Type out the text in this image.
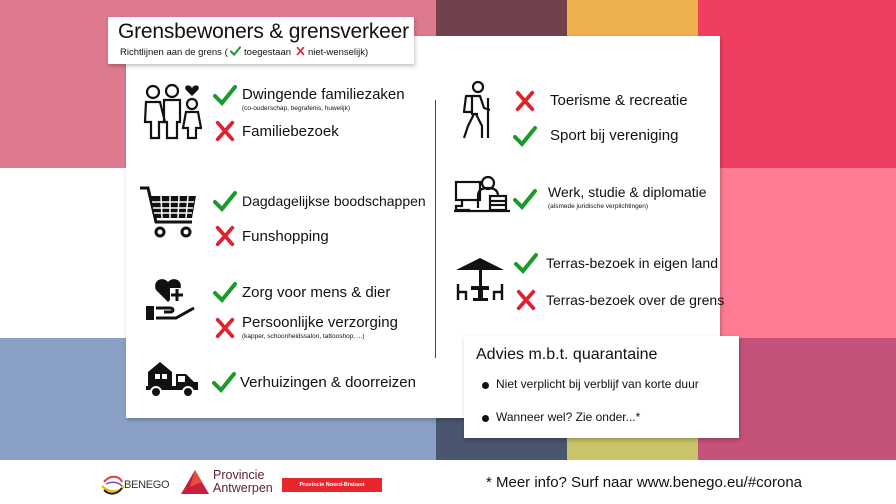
Grensbewoners & grensverkeer
Richtlijnen aan de grens ( toegestaan niet-wenselijk)
Dwingende familiezaken
(co-ouderschap, begrafenis, huwelijk)
Familiebezoek
Dagdagelijkse boodschappen
Funshopping
Zorg voor mens & dier
Persoonlijke verzorging
(kapper, schoonheidssalon, tattooshop, ...)
Verhuizingen & doorreizen
Toerisme & recreatie
Sport bij vereniging
Werk, studie & diplomatie
(alsmede juridische verplichtingen)
Terras-bezoek in eigen land
Terras-bezoek over de grens
Advies m.b.t. quarantaine
Niet verplicht bij verblijf van korte duur
Wanneer wel? Zie onder...*
BENEGO
Provincie
Antwerpen	Provincie Noord-Brabant	* Meer info? Surf naar www.benego.eu/#corona
